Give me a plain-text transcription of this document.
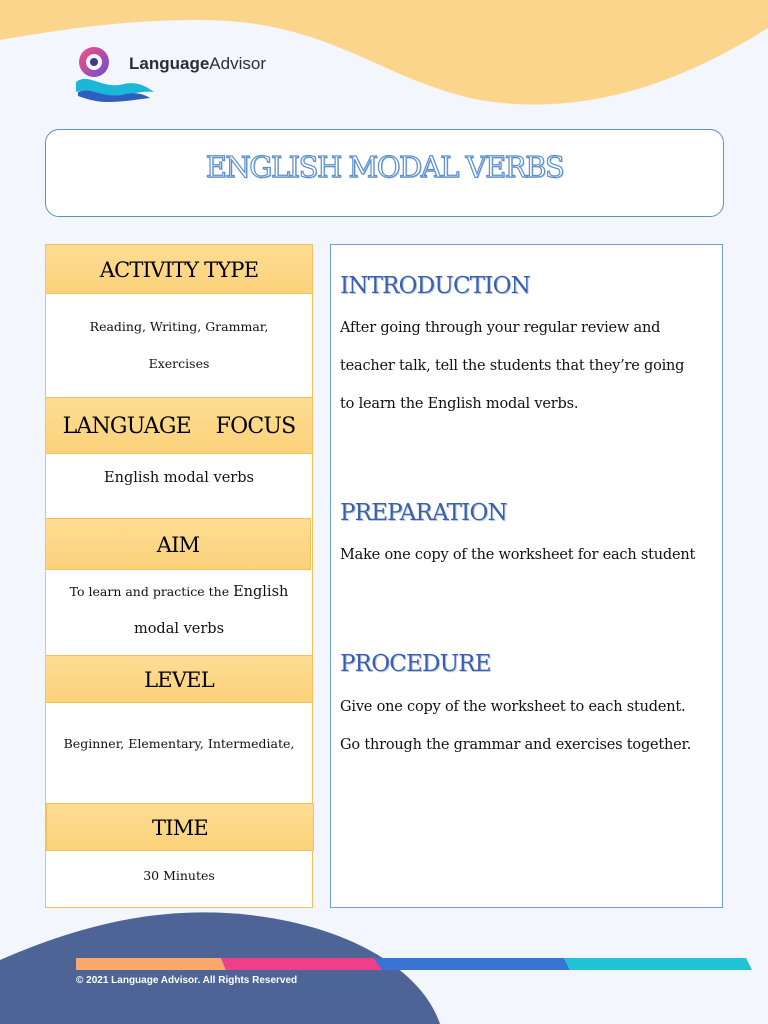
LanguageAdvisor
ENGLISH MODAL VERBS
ACTIVITY TYPE
Reading, Writing, Grammar,
Exercises
LANGUAGE    FOCUS
English modal verbs
AIM
To learn and practice the English
modal verbs
LEVEL
Beginner, Elementary, Intermediate,
TIME
30 Minutes
INTRODUCTION
After going through your regular review and
teacher talk, tell the students that they’re going
to learn the English modal verbs.
PREPARATION
Make one copy of the worksheet for each student
PROCEDURE
Give one copy of the worksheet to each student.
Go through the grammar and exercises together.
© 2021 Language Advisor. All Rights Reserved
